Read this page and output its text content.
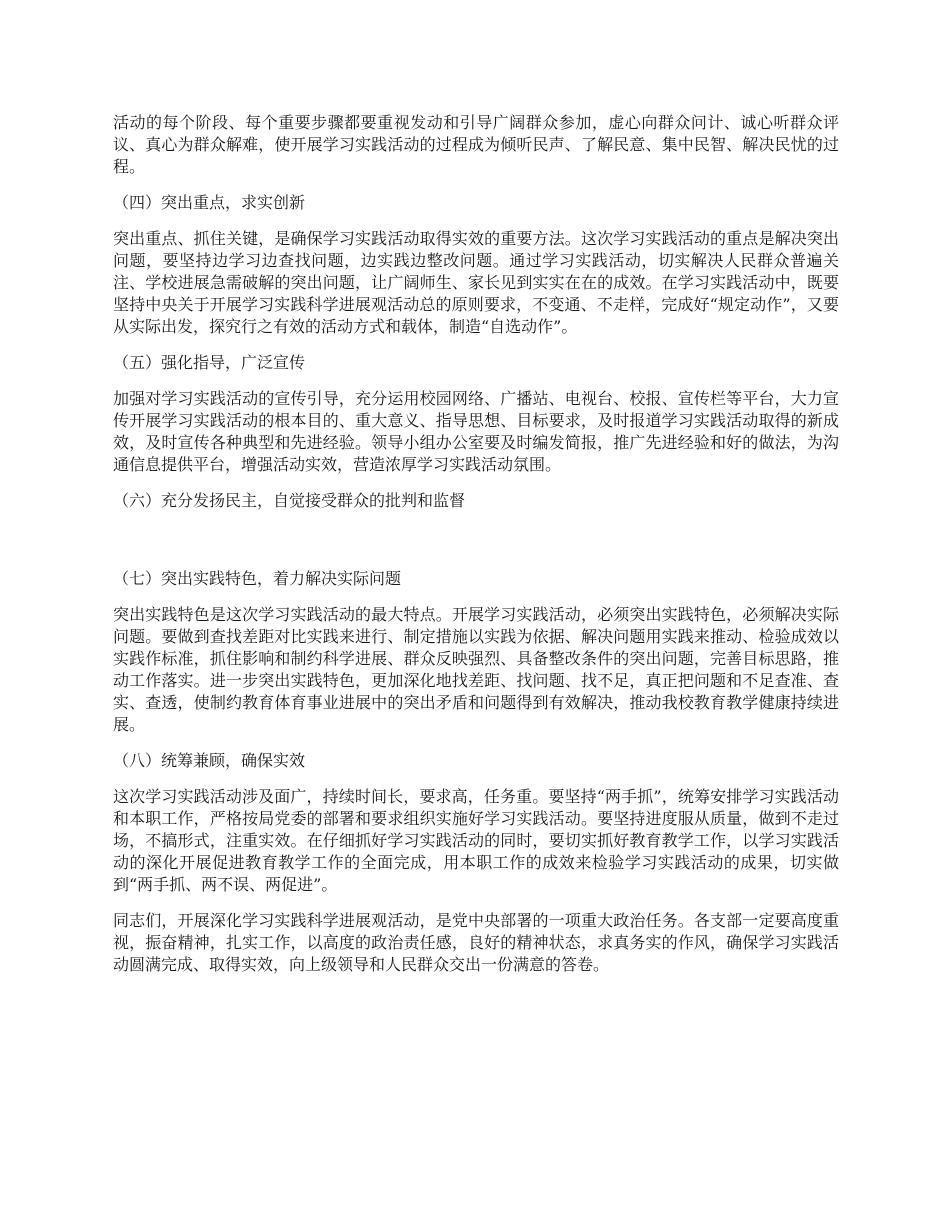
活动的每个阶段、每个重要步骤都要重视发动和引导广阔群众参加，虚心向群众问计、诚心听群众评议、真心为群众解难，使开展学习实践活动的过程成为倾听民声、了解民意、集中民智、解决民忧的过程。

（四）突出重点，求实创新

突出重点、抓住关键，是确保学习实践活动取得实效的重要方法。这次学习实践活动的重点是解决突出问题，要坚持边学习边查找问题，边实践边整改问题。通过学习实践活动，切实解决人民群众普遍关注、学校进展急需破解的突出问题，让广阔师生、家长见到实实在在的成效。在学习实践活动中，既要坚持中央关于开展学习实践科学进展观活动总的原则要求，不变通、不走样，完成好“规定动作”，又要从实际出发，探究行之有效的活动方式和载体，制造“自选动作”。

（五）强化指导，广泛宣传

加强对学习实践活动的宣传引导，充分运用校园网络、广播站、电视台、校报、宣传栏等平台，大力宣传开展学习实践活动的根本目的、重大意义、指导思想、目标要求，及时报道学习实践活动取得的新成效，及时宣传各种典型和先进经验。领导小组办公室要及时编发简报，推广先进经验和好的做法，为沟通信息提供平台，增强活动实效，营造浓厚学习实践活动氛围。

（六）充分发扬民主，自觉接受群众的批判和监督

（七）突出实践特色，着力解决实际问题

突出实践特色是这次学习实践活动的最大特点。开展学习实践活动，必须突出实践特色，必须解决实际问题。要做到查找差距对比实践来进行、制定措施以实践为依据、解决问题用实践来推动、检验成效以实践作标准，抓住影响和制约科学进展、群众反映强烈、具备整改条件的突出问题，完善目标思路，推动工作落实。进一步突出实践特色，更加深化地找差距、找问题、找不足，真正把问题和不足查准、查实、查透，使制约教育体育事业进展中的突出矛盾和问题得到有效解决，推动我校教育教学健康持续进展。

（八）统筹兼顾，确保实效

这次学习实践活动涉及面广，持续时间长，要求高，任务重。要坚持“两手抓”，统筹安排学习实践活动和本职工作，严格按局党委的部署和要求组织实施好学习实践活动。要坚持进度服从质量，做到不走过场，不搞形式，注重实效。在仔细抓好学习实践活动的同时，要切实抓好教育教学工作，以学习实践活动的深化开展促进教育教学工作的全面完成，用本职工作的成效来检验学习实践活动的成果，切实做到“两手抓、两不误、两促进”。

同志们，开展深化学习实践科学进展观活动，是党中央部署的一项重大政治任务。各支部一定要高度重视，振奋精神，扎实工作，以高度的政治责任感，良好的精神状态，求真务实的作风，确保学习实践活动圆满完成、取得实效，向上级领导和人民群众交出一份满意的答卷。
